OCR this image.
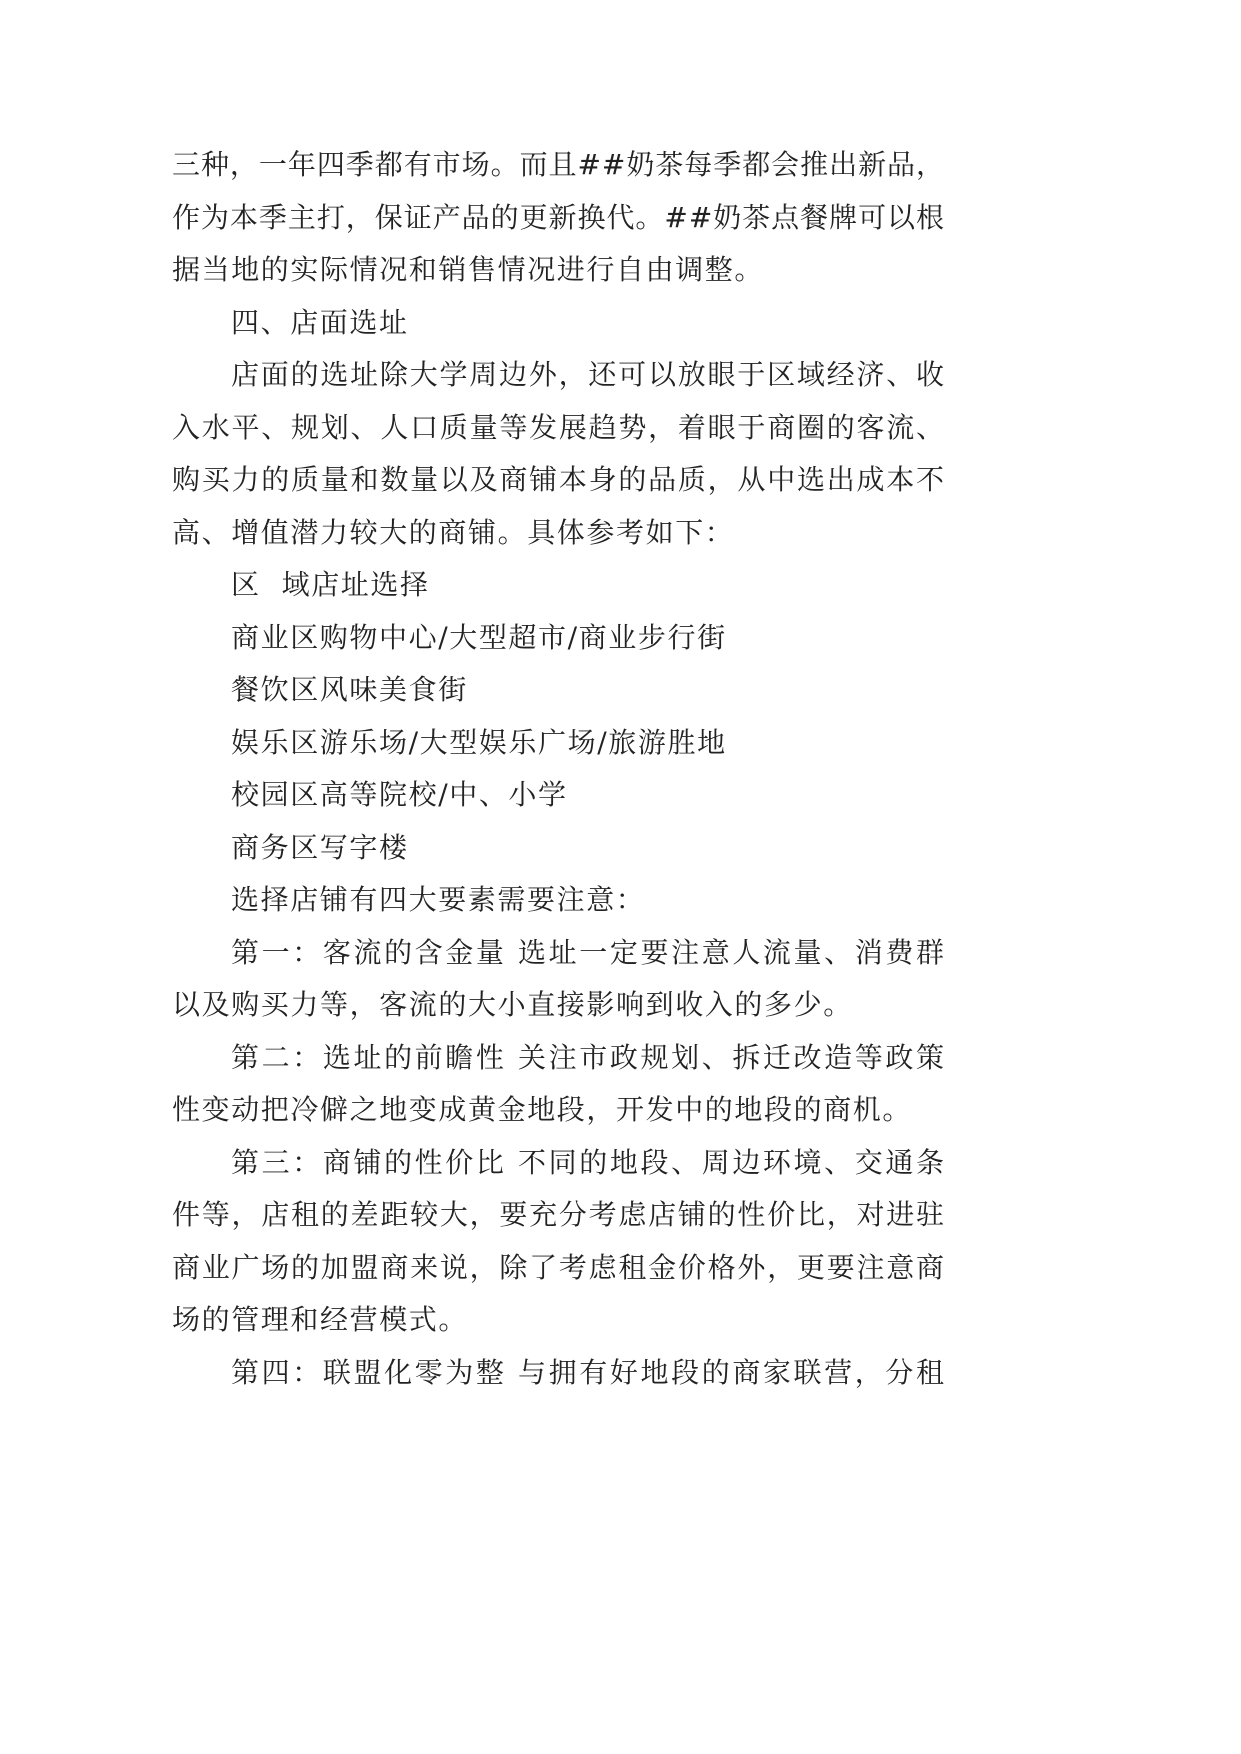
三种，一年四季都有市场。而且##奶茶每季都会推出新品，
作为本季主打，保证产品的更新换代。##奶茶点餐牌可以根
据当地的实际情况和销售情况进行自由调整。
四、店面选址
店面的选址除大学周边外，还可以放眼于区域经济、收
入水平、规划、人口质量等发展趋势，着眼于商圈的客流、
购买力的质量和数量以及商铺本身的品质，从中选出成本不
高、增值潜力较大的商铺。具体参考如下：
区  域店址选择
商业区购物中心/大型超市/商业步行街
餐饮区风味美食街
娱乐区游乐场/大型娱乐广场/旅游胜地
校园区高等院校/中、小学
商务区写字楼
选择店铺有四大要素需要注意：
第一：客流的含金量 选址一定要注意人流量、消费群
以及购买力等，客流的大小直接影响到收入的多少。
第二：选址的前瞻性 关注市政规划、拆迁改造等政策
性变动把冷僻之地变成黄金地段，开发中的地段的商机。
第三：商铺的性价比 不同的地段、周边环境、交通条
件等，店租的差距较大，要充分考虑店铺的性价比，对进驻
商业广场的加盟商来说，除了考虑租金价格外，更要注意商
场的管理和经营模式。
第四：联盟化零为整 与拥有好地段的商家联营，分租
